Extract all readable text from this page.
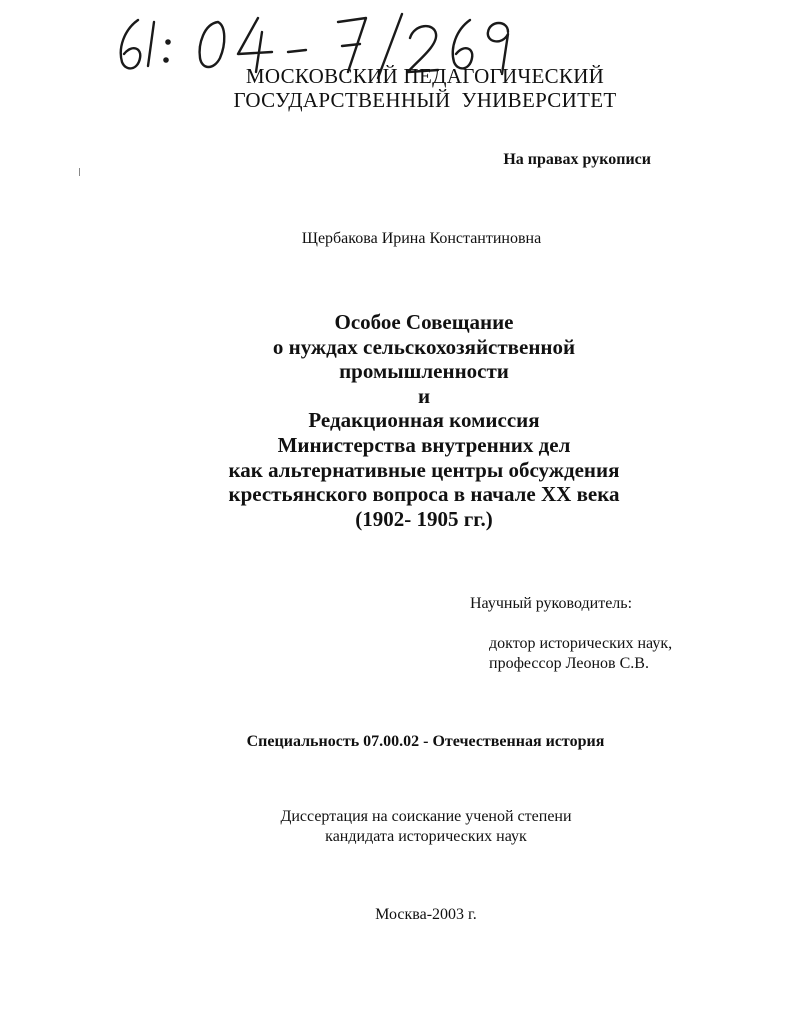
МОСКОВСКИЙ ПЕДАГОГИЧЕСКИЙ
ГОСУДАРСТВЕННЫЙ  УНИВЕРСИТЕТ
На правах рукописи
Щербакова Ирина Константиновна
Особое Совещание
о нуждах сельскохозяйственной
промышленности
и
Редакционная комиссия
Министерства внутренних дел
как альтернативные центры обсуждения
крестьянского вопроса в начале XX века
(1902- 1905 гг.)
Научный руководитель:
доктор исторических наук,
профессор Леонов С.В.
Специальность 07.00.02 - Отечественная история
Диссертация на соискание ученой степени
кандидата исторических наук
Москва-2003 г.
